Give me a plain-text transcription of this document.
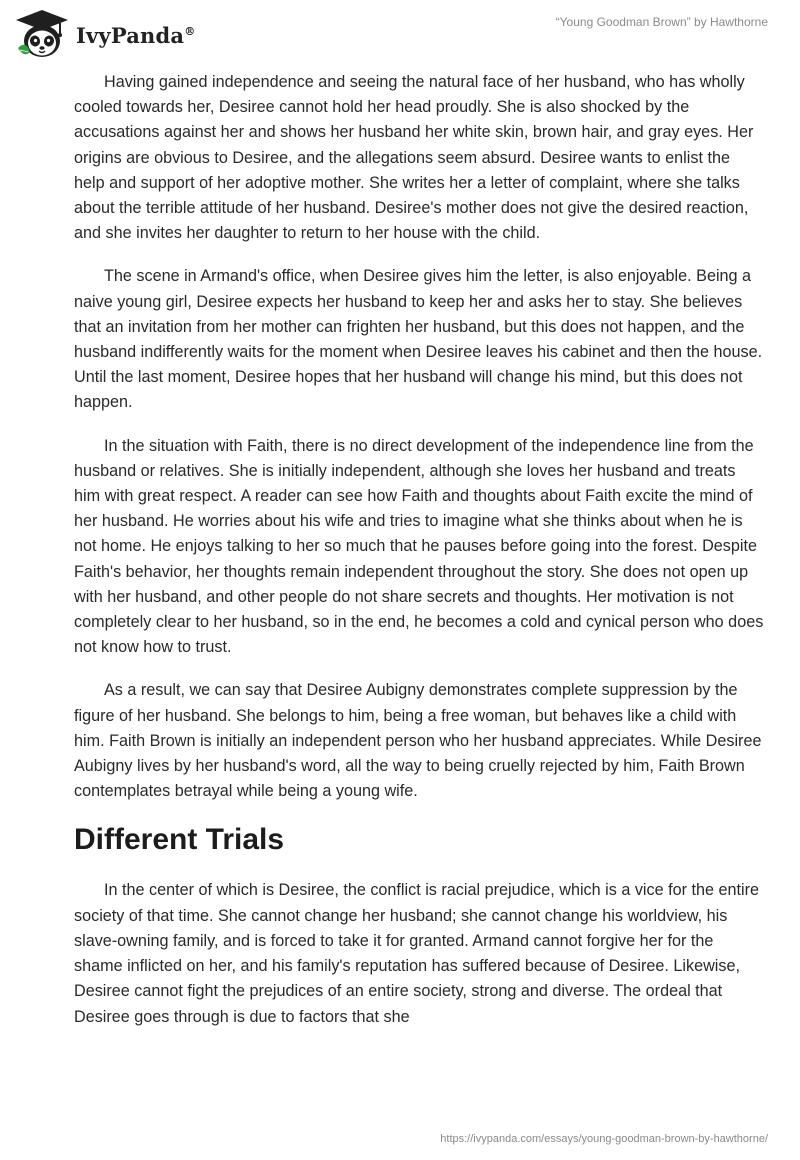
IvyPanda®
“Young Goodman Brown” by Hawthorne

Having gained independence and seeing the natural face of her husband, who has wholly cooled towards her, Desiree cannot hold her head proudly. She is also shocked by the accusations against her and shows her husband her white skin, brown hair, and gray eyes. Her origins are obvious to Desiree, and the allegations seem absurd. Desiree wants to enlist the help and support of her adoptive mother. She writes her a letter of complaint, where she talks about the terrible attitude of her husband. Desiree's mother does not give the desired reaction, and she invites her daughter to return to her house with the child.

The scene in Armand's office, when Desiree gives him the letter, is also enjoyable. Being a naive young girl, Desiree expects her husband to keep her and asks her to stay. She believes that an invitation from her mother can frighten her husband, but this does not happen, and the husband indifferently waits for the moment when Desiree leaves his cabinet and then the house. Until the last moment, Desiree hopes that her husband will change his mind, but this does not happen.

In the situation with Faith, there is no direct development of the independence line from the husband or relatives. She is initially independent, although she loves her husband and treats him with great respect. A reader can see how Faith and thoughts about Faith excite the mind of her husband. He worries about his wife and tries to imagine what she thinks about when he is not home. He enjoys talking to her so much that he pauses before going into the forest. Despite Faith's behavior, her thoughts remain independent throughout the story. She does not open up with her husband, and other people do not share secrets and thoughts. Her motivation is not completely clear to her husband, so in the end, he becomes a cold and cynical person who does not know how to trust.

As a result, we can say that Desiree Aubigny demonstrates complete suppression by the figure of her husband. She belongs to him, being a free woman, but behaves like a child with him. Faith Brown is initially an independent person who her husband appreciates. While Desiree Aubigny lives by her husband's word, all the way to being cruelly rejected by him, Faith Brown contemplates betrayal while being a young wife.

Different Trials

In the center of which is Desiree, the conflict is racial prejudice, which is a vice for the entire society of that time. She cannot change her husband; she cannot change his worldview, his slave-owning family, and is forced to take it for granted. Armand cannot forgive her for the shame inflicted on her, and his family's reputation has suffered because of Desiree. Likewise, Desiree cannot fight the prejudices of an entire society, strong and diverse. The ordeal that Desiree goes through is due to factors that she

https://ivypanda.com/essays/young-goodman-brown-by-hawthorne/
